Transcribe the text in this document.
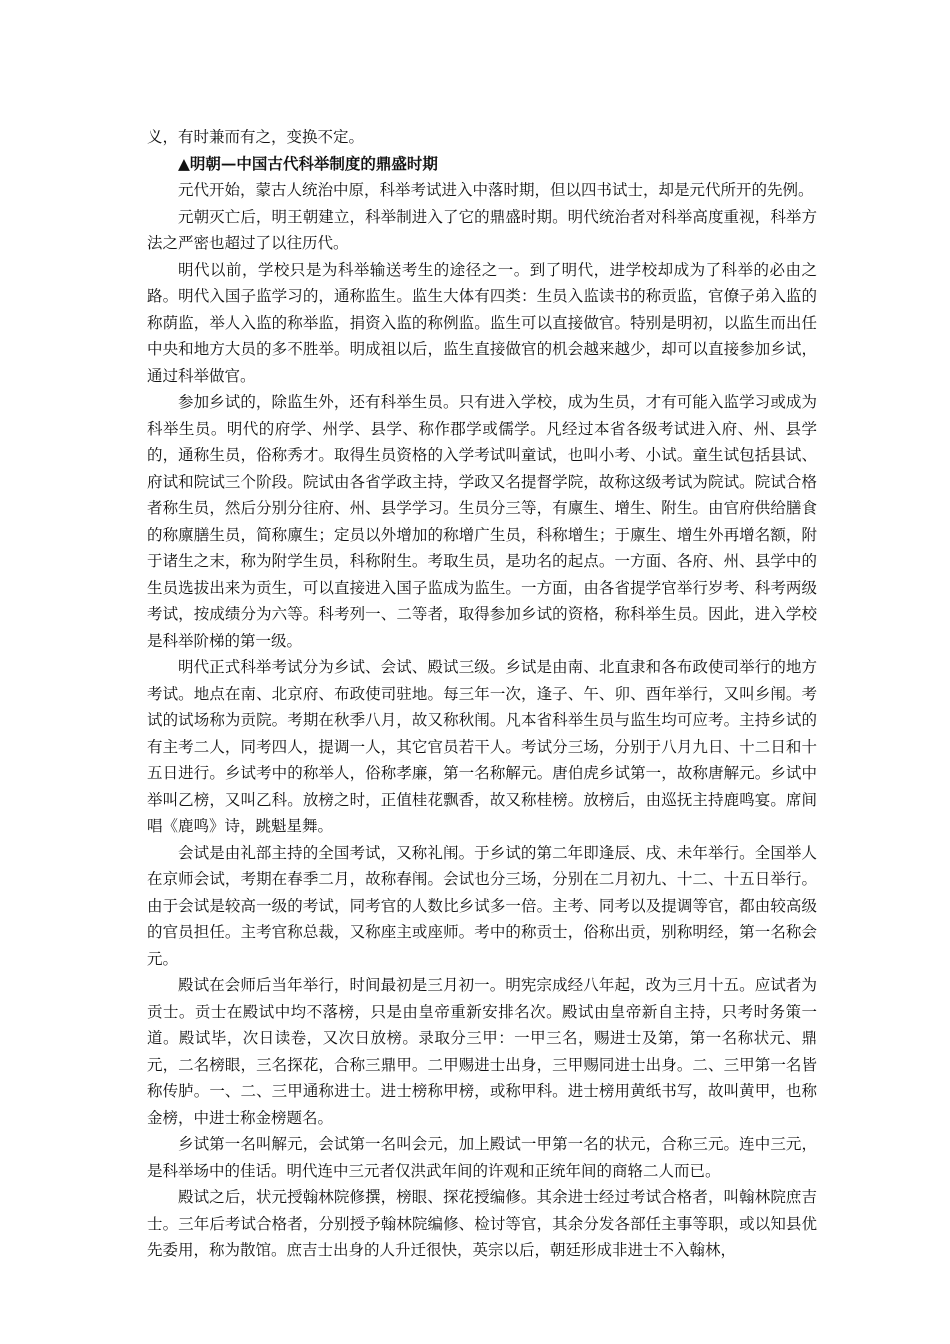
义，有时兼而有之，变换不定。

▲明朝—中国古代科举制度的鼎盛时期

元代开始，蒙古人统治中原，科举考试进入中落时期，但以四书试士，却是元代所开的先例。

元朝灭亡后，明王朝建立，科举制进入了它的鼎盛时期。明代统治者对科举高度重视，科举方法之严密也超过了以往历代。

明代以前，学校只是为科举输送考生的途径之一。到了明代，进学校却成为了科举的必由之路。明代入国子监学习的，通称监生。监生大体有四类：生员入监读书的称贡监，官僚子弟入监的称荫监，举人入监的称举监，捐资入监的称例监。监生可以直接做官。特别是明初，以监生而出任中央和地方大员的多不胜举。明成祖以后，监生直接做官的机会越来越少，却可以直接参加乡试，通过科举做官。

参加乡试的，除监生外，还有科举生员。只有进入学校，成为生员，才有可能入监学习或成为科举生员。明代的府学、州学、县学、称作郡学或儒学。凡经过本省各级考试进入府、州、县学的，通称生员，俗称秀才。取得生员资格的入学考试叫童试，也叫小考、小试。童生试包括县试、府试和院试三个阶段。院试由各省学政主持，学政又名提督学院，故称这级考试为院试。院试合格者称生员，然后分别分往府、州、县学学习。生员分三等，有廪生、增生、附生。由官府供给膳食的称廪膳生员，简称廪生；定员以外增加的称增广生员，科称增生；于廪生、增生外再增名额，附于诸生之末，称为附学生员，科称附生。考取生员，是功名的起点。一方面、各府、州、县学中的生员选拔出来为贡生，可以直接进入国子监成为监生。一方面，由各省提学官举行岁考、科考两级考试，按成绩分为六等。科考列一、二等者，取得参加乡试的资格，称科举生员。因此，进入学校是科举阶梯的第一级。

明代正式科举考试分为乡试、会试、殿试三级。乡试是由南、北直隶和各布政使司举行的地方考试。地点在南、北京府、布政使司驻地。每三年一次，逢子、午、卯、酉年举行，又叫乡闱。考试的试场称为贡院。考期在秋季八月，故又称秋闱。凡本省科举生员与监生均可应考。主持乡试的有主考二人，同考四人，提调一人，其它官员若干人。考试分三场，分别于八月九日、十二日和十五日进行。乡试考中的称举人，俗称孝廉，第一名称解元。唐伯虎乡试第一，故称唐解元。乡试中举叫乙榜，又叫乙科。放榜之时，正值桂花飘香，故又称桂榜。放榜后，由巡抚主持鹿鸣宴。席间唱《鹿鸣》诗，跳魁星舞。

会试是由礼部主持的全国考试，又称礼闱。于乡试的第二年即逢辰、戌、未年举行。全国举人在京师会试，考期在春季二月，故称春闱。会试也分三场，分别在二月初九、十二、十五日举行。由于会试是较高一级的考试，同考官的人数比乡试多一倍。主考、同考以及提调等官，都由较高级的官员担任。主考官称总裁，又称座主或座师。考中的称贡士，俗称出贡，别称明经，第一名称会元。

殿试在会师后当年举行，时间最初是三月初一。明宪宗成经八年起，改为三月十五。应试者为贡士。贡士在殿试中均不落榜，只是由皇帝重新安排名次。殿试由皇帝新自主持，只考时务策一道。殿试毕，次日读卷，又次日放榜。录取分三甲：一甲三名，赐进士及第，第一名称状元、鼎元，二名榜眼，三名探花，合称三鼎甲。二甲赐进士出身，三甲赐同进士出身。二、三甲第一名皆称传胪。一、二、三甲通称进士。进士榜称甲榜，或称甲科。进士榜用黄纸书写，故叫黄甲，也称金榜，中进士称金榜题名。

乡试第一名叫解元，会试第一名叫会元，加上殿试一甲第一名的状元，合称三元。连中三元，是科举场中的佳话。明代连中三元者仅洪武年间的许观和正统年间的商辂二人而已。

殿试之后，状元授翰林院修撰，榜眼、探花授编修。其余进士经过考试合格者，叫翰林院庶吉士。三年后考试合格者，分别授予翰林院编修、检讨等官，其余分发各部任主事等职，或以知县优先委用，称为散馆。庶吉士出身的人升迁很快，英宗以后，朝廷形成非进士不入翰林，
